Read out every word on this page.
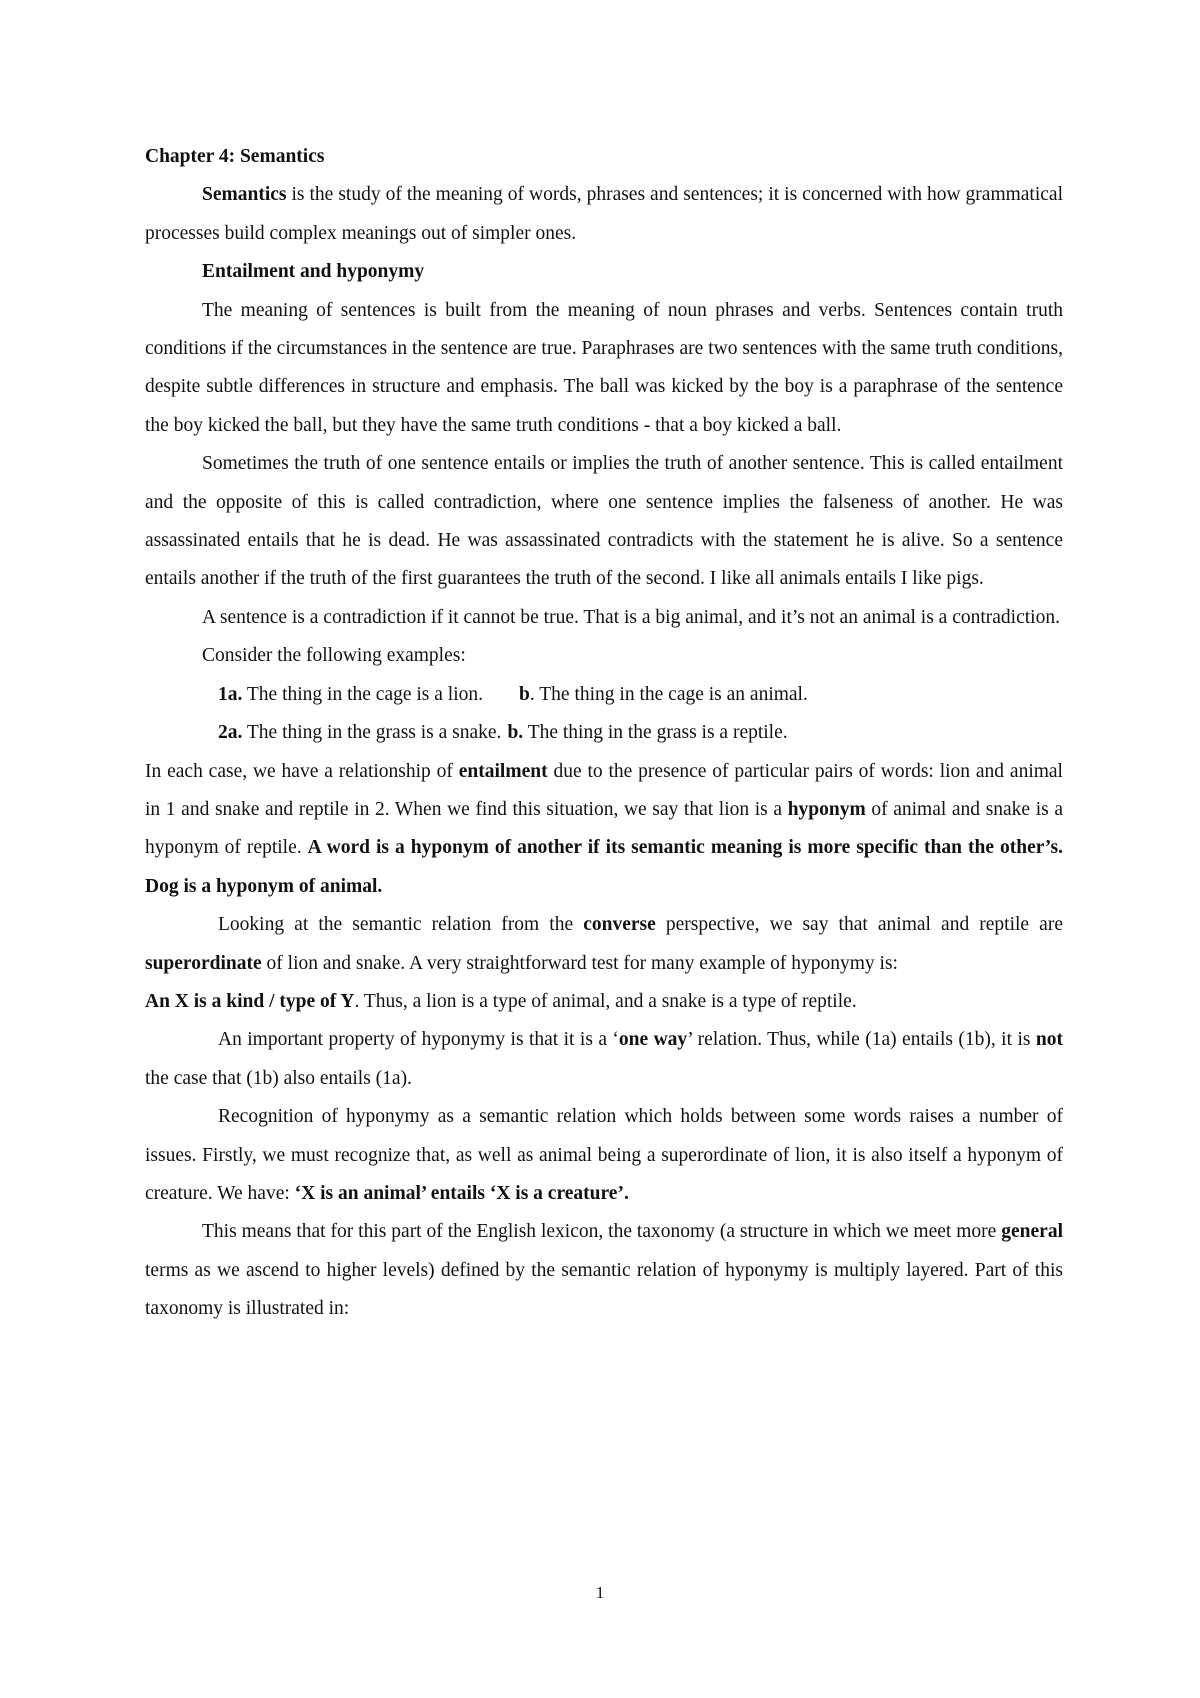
Chapter 4: Semantics

Semantics is the study of the meaning of words, phrases and sentences; it is concerned with how grammatical processes build complex meanings out of simpler ones.

Entailment and hyponymy

The meaning of sentences is built from the meaning of noun phrases and verbs. Sentences contain truth conditions if the circumstances in the sentence are true. Paraphrases are two sentences with the same truth conditions, despite subtle differences in structure and emphasis. The ball was kicked by the boy is a paraphrase of the sentence the boy kicked the ball, but they have the same truth conditions - that a boy kicked a ball.

Sometimes the truth of one sentence entails or implies the truth of another sentence. This is called entailment and the opposite of this is called contradiction, where one sentence implies the falseness of another. He was assassinated entails that he is dead. He was assassinated contradicts with the statement he is alive. So a sentence entails another if the truth of the first guarantees the truth of the second. I like all animals entails I like pigs.

A sentence is a contradiction if it cannot be true. That is a big animal, and it’s not an animal is a contradiction.

Consider the following examples:

1a. The thing in the cage is a lion. b. The thing in the cage is an animal.

2a. The thing in the grass is a snake. b. The thing in the grass is a reptile.

In each case, we have a relationship of entailment due to the presence of particular pairs of words: lion and animal in 1 and snake and reptile in 2. When we find this situation, we say that lion is a hyponym of animal and snake is a hyponym of reptile. A word is a hyponym of another if its semantic meaning is more specific than the other’s. Dog is a hyponym of animal.

Looking at the semantic relation from the converse perspective, we say that animal and reptile are superordinate of lion and snake. A very straightforward test for many example of hyponymy is:

An X is a kind / type of Y. Thus, a lion is a type of animal, and a snake is a type of reptile.

An important property of hyponymy is that it is a ‘one way’ relation. Thus, while (1a) entails (1b), it is not the case that (1b) also entails (1a).

Recognition of hyponymy as a semantic relation which holds between some words raises a number of issues. Firstly, we must recognize that, as well as animal being a superordinate of lion, it is also itself a hyponym of creature. We have: ‘X is an animal’ entails ‘X is a creature’.

This means that for this part of the English lexicon, the taxonomy (a structure in which we meet more general terms as we ascend to higher levels) defined by the semantic relation of hyponymy is multiply layered. Part of this taxonomy is illustrated in:

1
